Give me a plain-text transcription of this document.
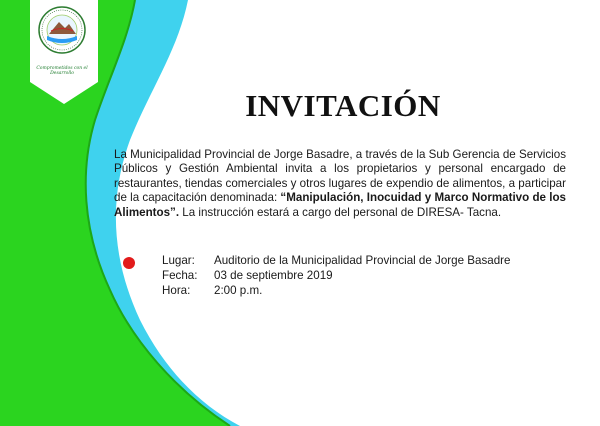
Comprometidos con el Desarrollo
INVITACIÓN

La Municipalidad Provincial de Jorge Basadre, a través de la Sub Gerencia de Servicios Públicos y Gestión Ambiental invita a los propietarios y personal encargado de restaurantes, tiendas comerciales y otros lugares de expendio de alimentos, a participar de la capacitación denominada: “Manipulación, Inocuidad y Marco Normativo de los Alimentos”. La instrucción estará a cargo del personal de DIRESA- Tacna.

Lugar: Auditorio de la Municipalidad Provincial de Jorge Basadre
Fecha: 03 de septiembre 2019
Hora: 2:00 p.m.
